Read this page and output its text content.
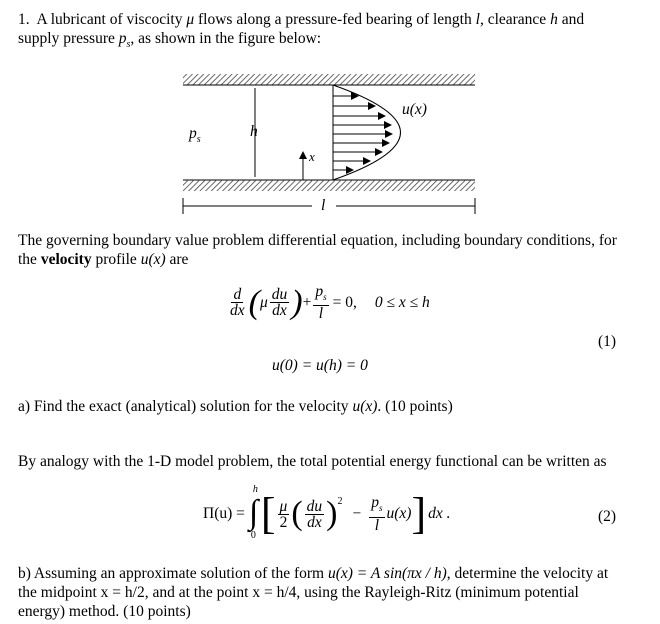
1. A lubricant of viscocity μ flows along a pressure-fed bearing of length l, clearance h and
supply pressure $p_s$, as shown in the figure below:
u(x)
$p_s$	h
x
l
The governing boundary value problem differential equation, including boundary conditions, for
the velocity profile u(x) are
$\frac{d}{dx}$ ( μ $\frac{du}{dx}$ ) + $\frac{p_s}{l} = 0$, 0 ≤ x ≤ h
u(0) = u(h) = 0
(1)
a) Find the exact (analytical) solution for the velocity u(x). (10 points)
By analogy with the 1-D model problem, the total potential energy functional can be written as
Π(u) = ∫
h
0 [ $\frac{\mu}{2}$ ( $\frac{du}{dx} )^2$
− $\frac{p_s}{l} u(x)$ ] dx .	(2)
b) Assuming an approximate solution of the form u(x) = A sin(πx / h), determine the velocity at
the midpoint x = h/2, and at the point x = h/4, using the Rayleigh-Ritz (minimum potential
energy) method. (10 points)
